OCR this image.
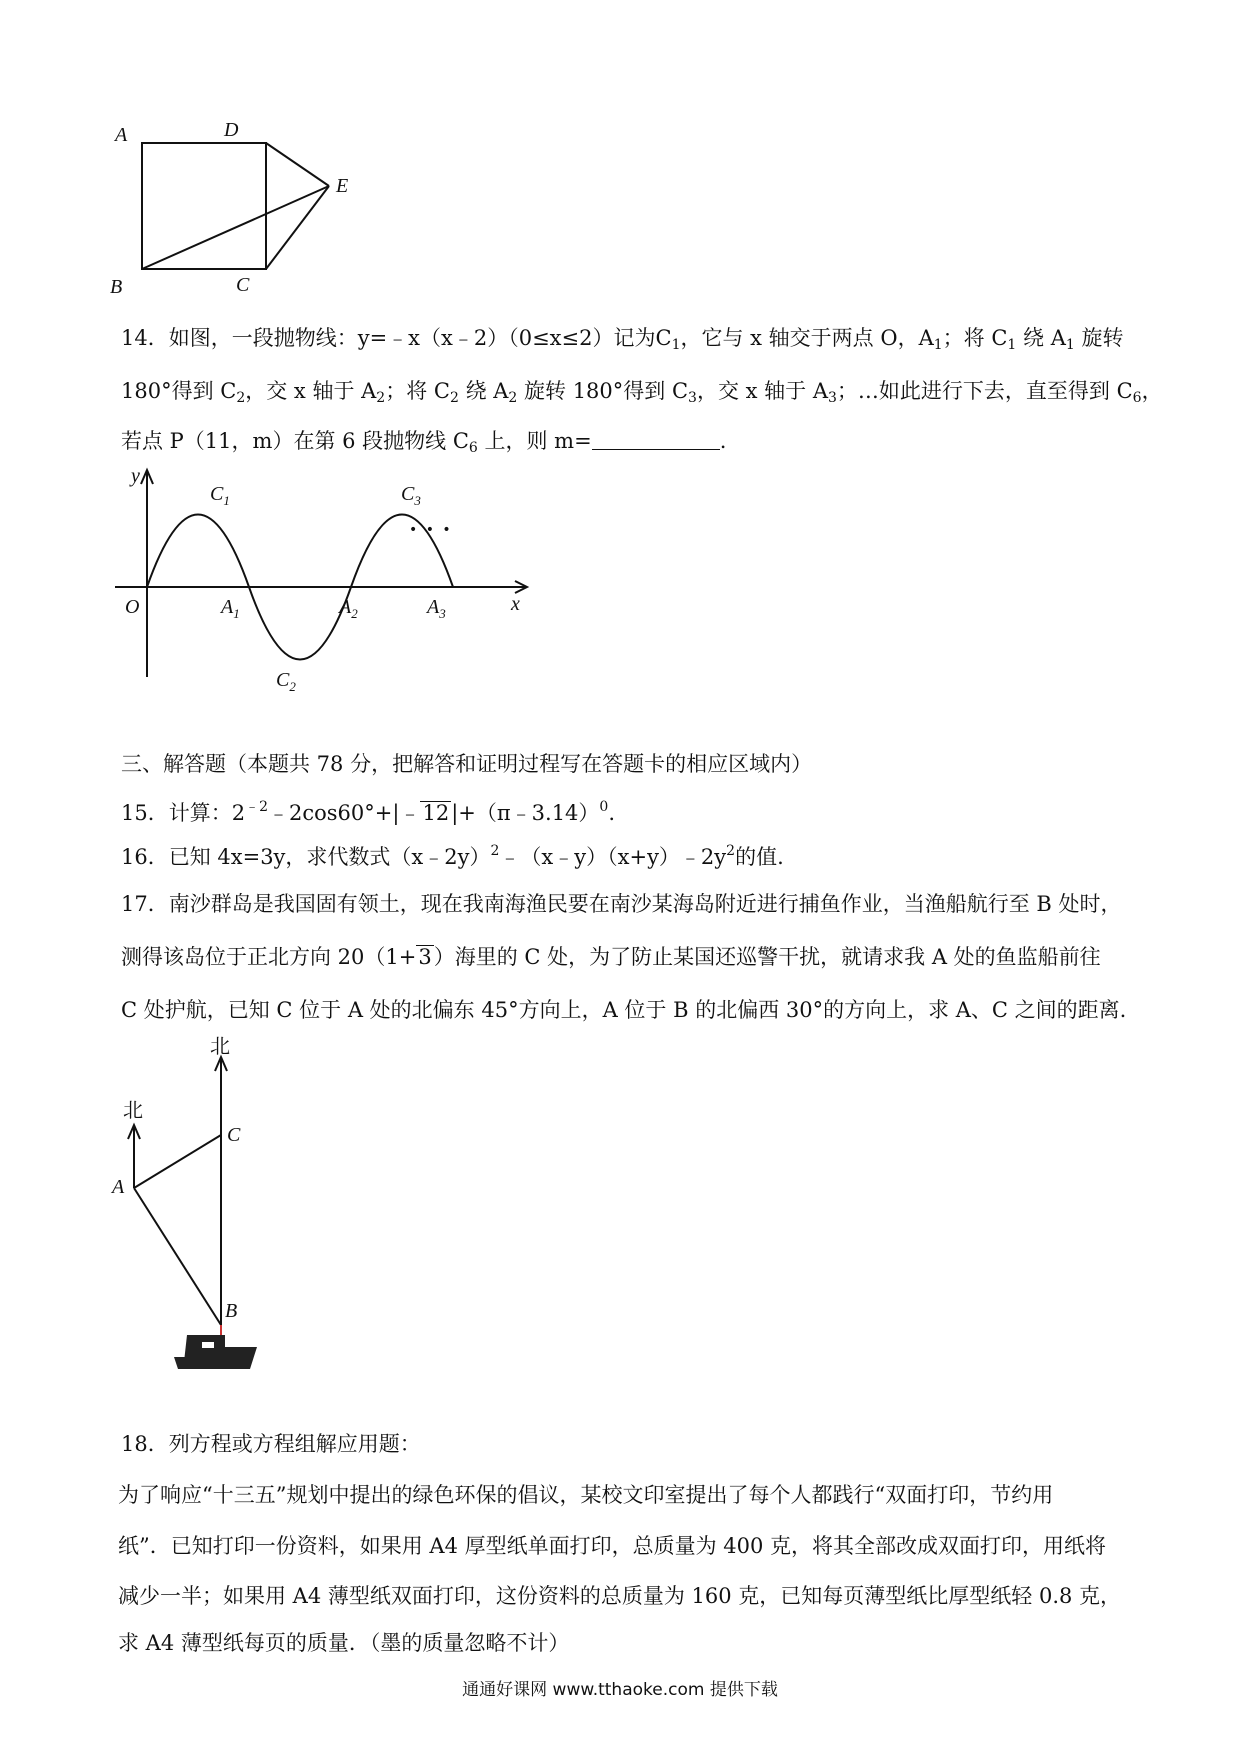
A	D
E
B	C
14．如图，一段抛物线：y=﹣x（x﹣2）（0≤x≤2）记为$C_1$，它与 x 轴交于两点 O，$A_1$；将 $C_1$ 绕 $A_1$ 旋转
180°得到 $C_2$，交 x 轴于 $A_2$；将 $C_2$ 绕 $A_2$ 旋转 180°得到 $C_3$，交 x 轴于 $A_3$；…如此进行下去，直至得到 $C_6$，
若点 P（11，m）在第 6 段抛物线 $C_6$ 上，则 m=	.
y
x
O	$A_1$	$A_2$	$A_3$
$C_1$
$C_2$
$C_3$
• • •
三、解答题（本题共 78 分，把解答和证明过程写在答题卡的相应区域内）
15．计算：$2^{﹣2}﹣2\cos 60^\circ+|﹣12|+(\pi﹣3.14)^0$.
16．已知 4x=3y，求代数式$(x﹣2y)^2﹣(x﹣y)(x+y)﹣2y^2$的值.
17．南沙群岛是我国固有领土，现在我南海渔民要在南沙某海岛附近进行捕鱼作业，当渔船航行至 B 处时，
测得该岛位于正北方向 20（1+3）海里的 C 处，为了防止某国还巡警干扰，就请求我 A 处的鱼监船前往
C 处护航，已知 C 位于 A 处的北偏东 45°方向上，A 位于 B 的北偏西 30°的方向上，求 A、C 之间的距离.
北
北
A
C
B
18．列方程或方程组解应用题：
为了响应“十三五”规划中提出的绿色环保的倡议，某校文印室提出了每个人都践行“双面打印，节约用
纸”．已知打印一份资料，如果用 A4 厚型纸单面打印，总质量为 400 克，将其全部改成双面打印，用纸将
减少一半；如果用 A4 薄型纸双面打印，这份资料的总质量为 160 克，已知每页薄型纸比厚型纸轻 0.8 克，
求 A4 薄型纸每页的质量．（墨的质量忽略不计）
通通好课网 www.tthaoke.com 提供下载
